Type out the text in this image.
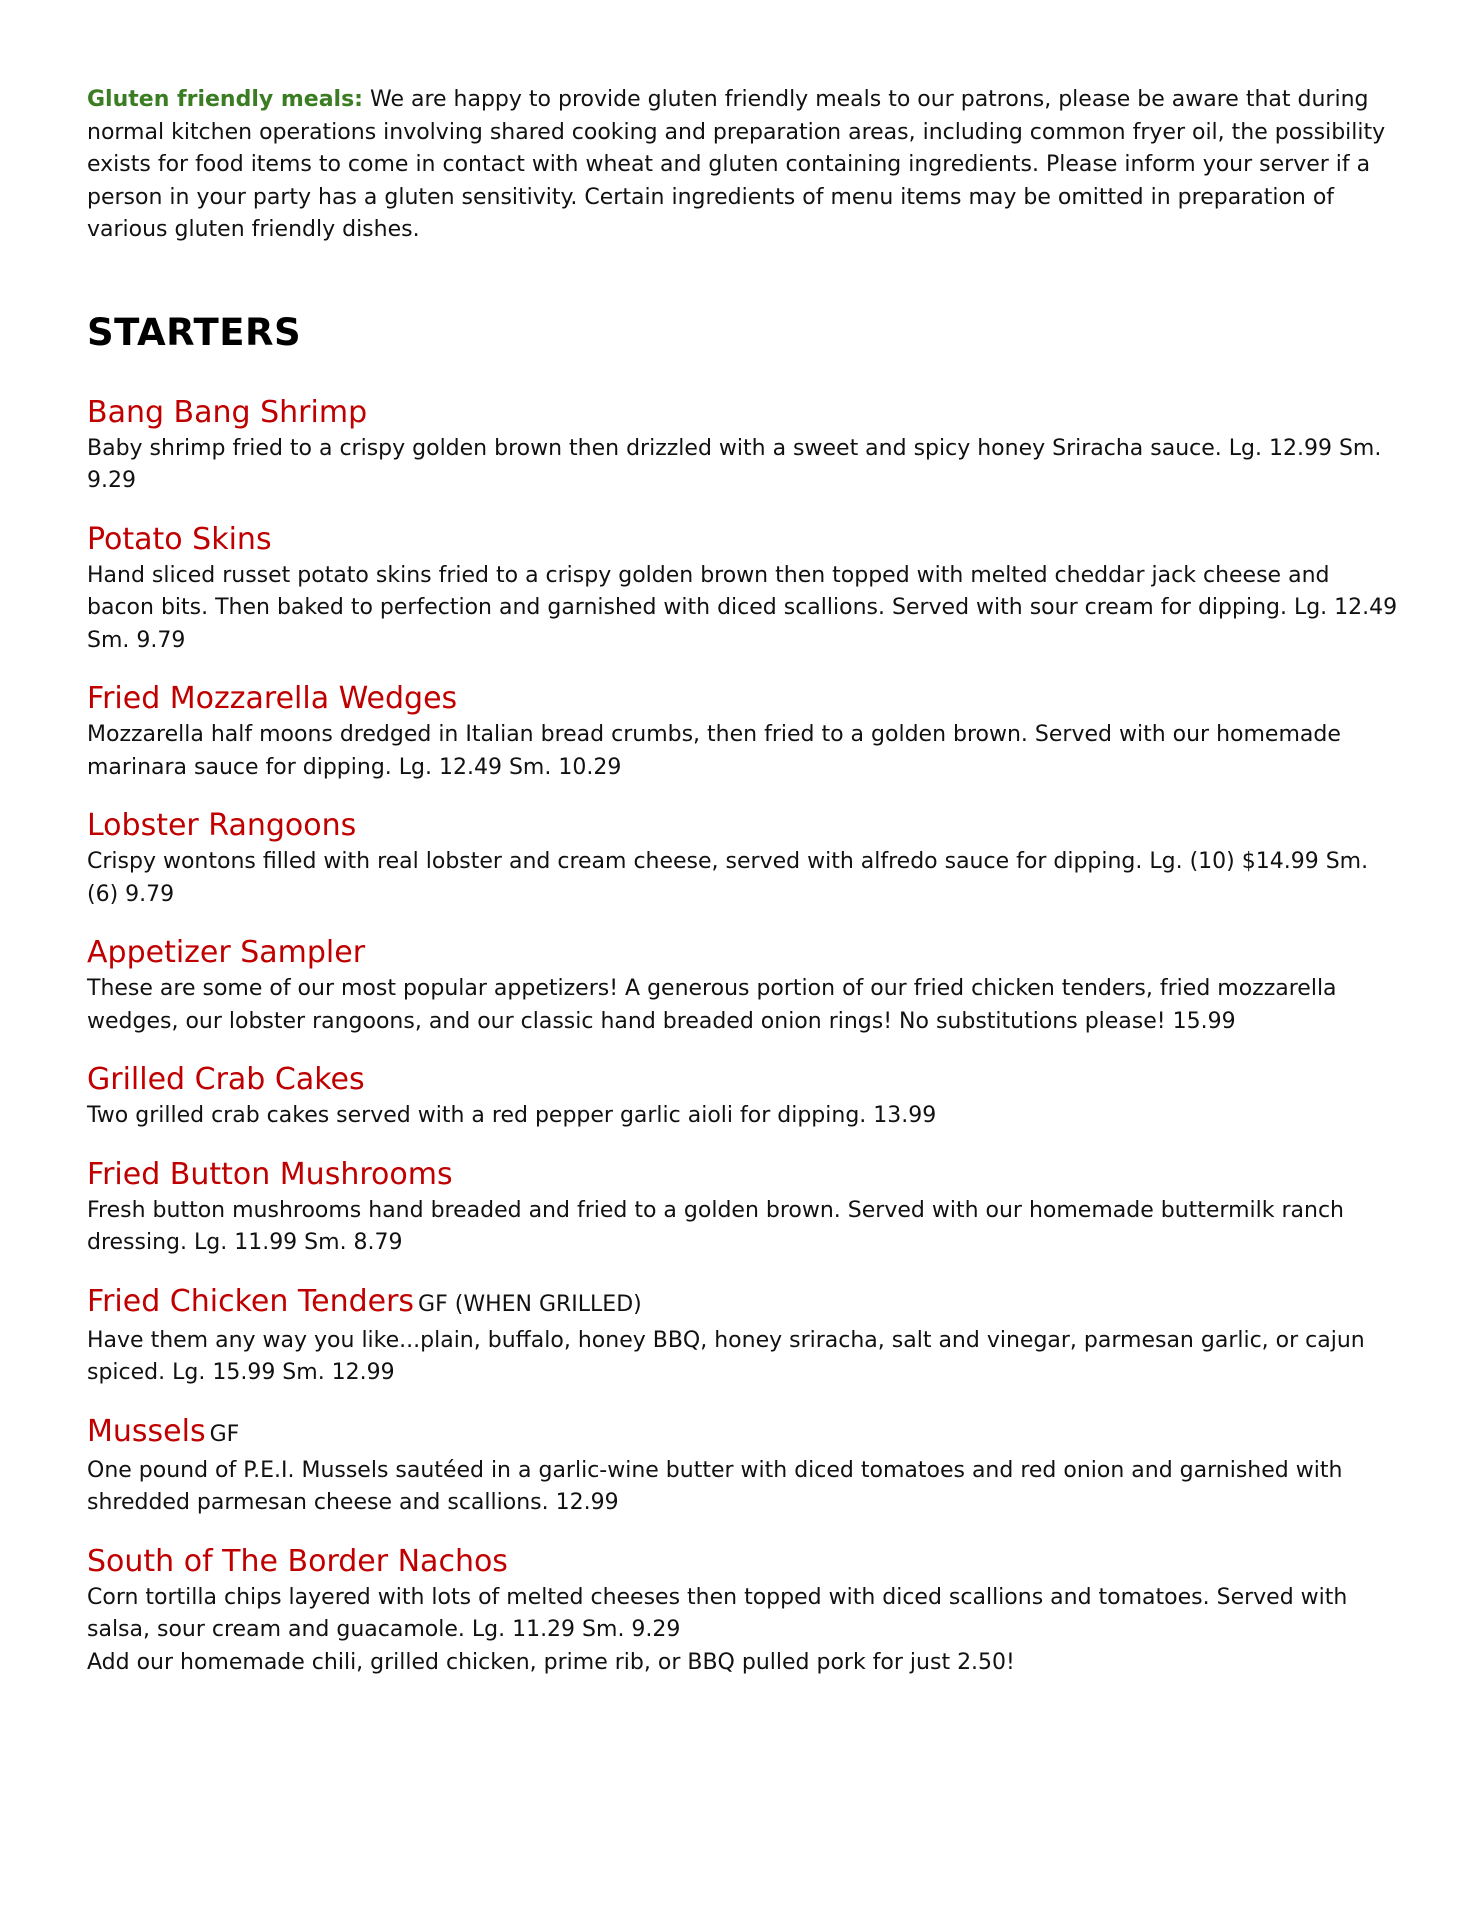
Gluten friendly meals: We are happy to provide gluten friendly meals to our patrons, please be aware that during normal kitchen operations involving shared cooking and preparation areas, including common fryer oil, the possibility exists for food items to come in contact with wheat and gluten containing ingredients. Please inform your server if a person in your party has a gluten sensitivity. Certain ingredients of menu items may be omitted in preparation of various gluten friendly dishes.

STARTERS

Bang Bang Shrimp

Baby shrimp fried to a crispy golden brown then drizzled with a sweet and spicy honey Sriracha sauce. Lg. 12.99 Sm. 9.29

Potato Skins

Hand sliced russet potato skins fried to a crispy golden brown then topped with melted cheddar jack cheese and bacon bits. Then baked to perfection and garnished with diced scallions. Served with sour cream for dipping. Lg. 12.49 Sm. 9.79

Fried Mozzarella Wedges

Mozzarella half moons dredged in Italian bread crumbs, then fried to a golden brown. Served with our homemade marinara sauce for dipping. Lg. 12.49 Sm. 10.29

Lobster Rangoons

Crispy wontons filled with real lobster and cream cheese, served with alfredo sauce for dipping. Lg. (10) $14.99 Sm. (6) 9.79

Appetizer Sampler

These are some of our most popular appetizers! A generous portion of our fried chicken tenders, fried mozzarella wedges, our lobster rangoons, and our classic hand breaded onion rings! No substitutions please! 15.99

Grilled Crab Cakes

Two grilled crab cakes served with a red pepper garlic aioli for dipping. 13.99

Fried Button Mushrooms

Fresh button mushrooms hand breaded and fried to a golden brown. Served with our homemade buttermilk ranch dressing. Lg. 11.99 Sm. 8.79

Fried Chicken Tenders GF (WHEN GRILLED)

Have them any way you like...plain, buffalo, honey BBQ, honey sriracha, salt and vinegar, parmesan garlic, or cajun spiced. Lg. 15.99 Sm. 12.99

Mussels GF

One pound of P.E.I. Mussels sautéed in a garlic-wine butter with diced tomatoes and red onion and garnished with shredded parmesan cheese and scallions. 12.99

South of The Border Nachos

Corn tortilla chips layered with lots of melted cheeses then topped with diced scallions and tomatoes. Served with salsa, sour cream and guacamole. Lg. 11.29 Sm. 9.29
Add our homemade chili, grilled chicken, prime rib, or BBQ pulled pork for just 2.50!
